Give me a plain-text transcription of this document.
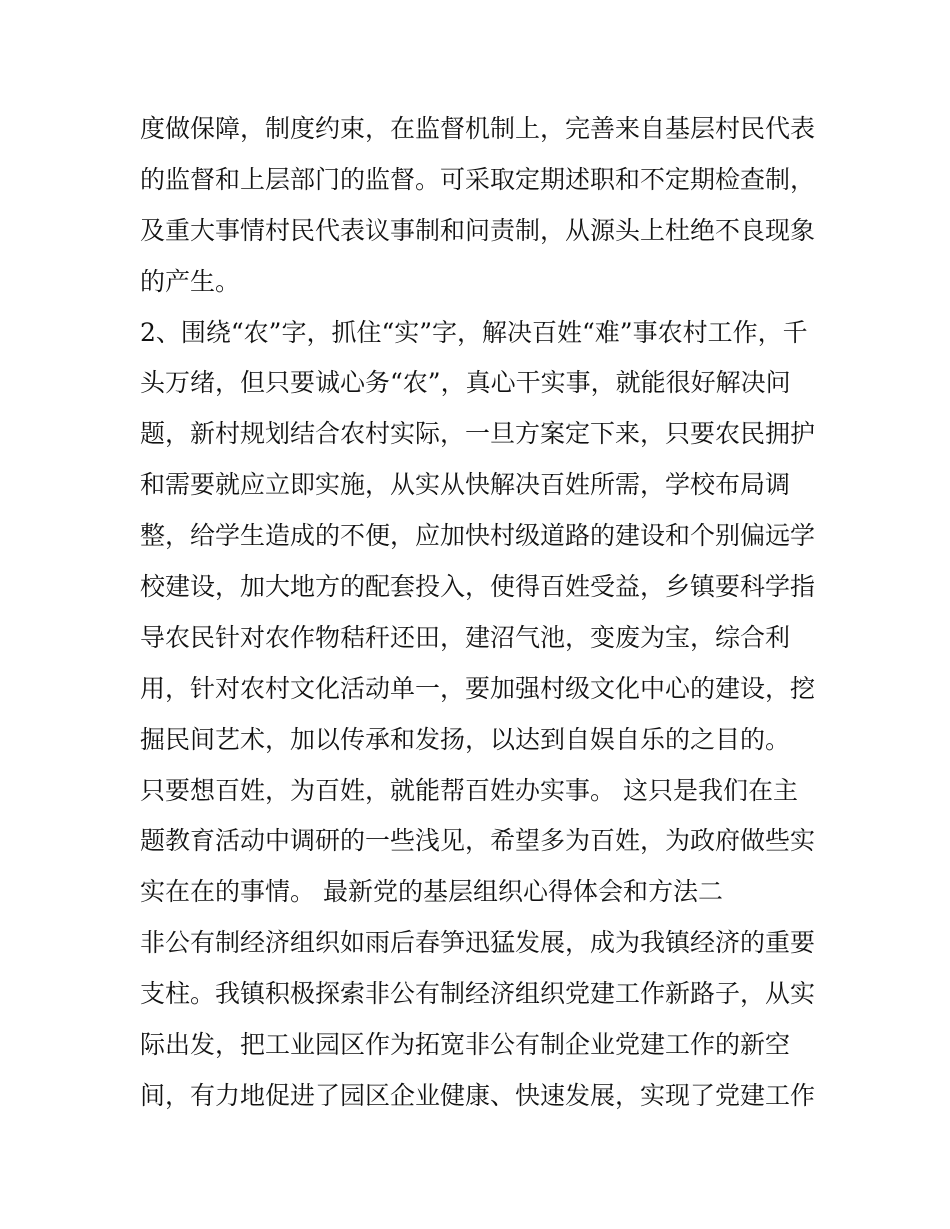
度做保障，制度约束，在监督机制上，完善来自基层村民代表
的监督和上层部门的监督。可采取定期述职和不定期检查制，
及重大事情村民代表议事制和问责制，从源头上杜绝不良现象
的产生。
2、围绕“农”字，抓住“实”字，解决百姓“难”事农村工作，千
头万绪，但只要诚心务“农”，真心干实事，就能很好解决问
题，新村规划结合农村实际，一旦方案定下来，只要农民拥护
和需要就应立即实施，从实从快解决百姓所需，学校布局调
整，给学生造成的不便，应加快村级道路的建设和个别偏远学
校建设，加大地方的配套投入，使得百姓受益，乡镇要科学指
导农民针对农作物秸秆还田，建沼气池，变废为宝，综合利
用，针对农村文化活动单一，要加强村级文化中心的建设，挖
掘民间艺术，加以传承和发扬，以达到自娱自乐的之目的。
只要想百姓，为百姓，就能帮百姓办实事。 这只是我们在主
题教育活动中调研的一些浅见，希望多为百姓，为政府做些实
实在在的事情。 最新党的基层组织心得体会和方法二
非公有制经济组织如雨后春笋迅猛发展，成为我镇经济的重要
支柱。我镇积极探索非公有制经济组织党建工作新路子，从实
际出发，把工业园区作为拓宽非公有制企业党建工作的新空
间，有力地促进了园区企业健康、快速发展，实现了党建工作
